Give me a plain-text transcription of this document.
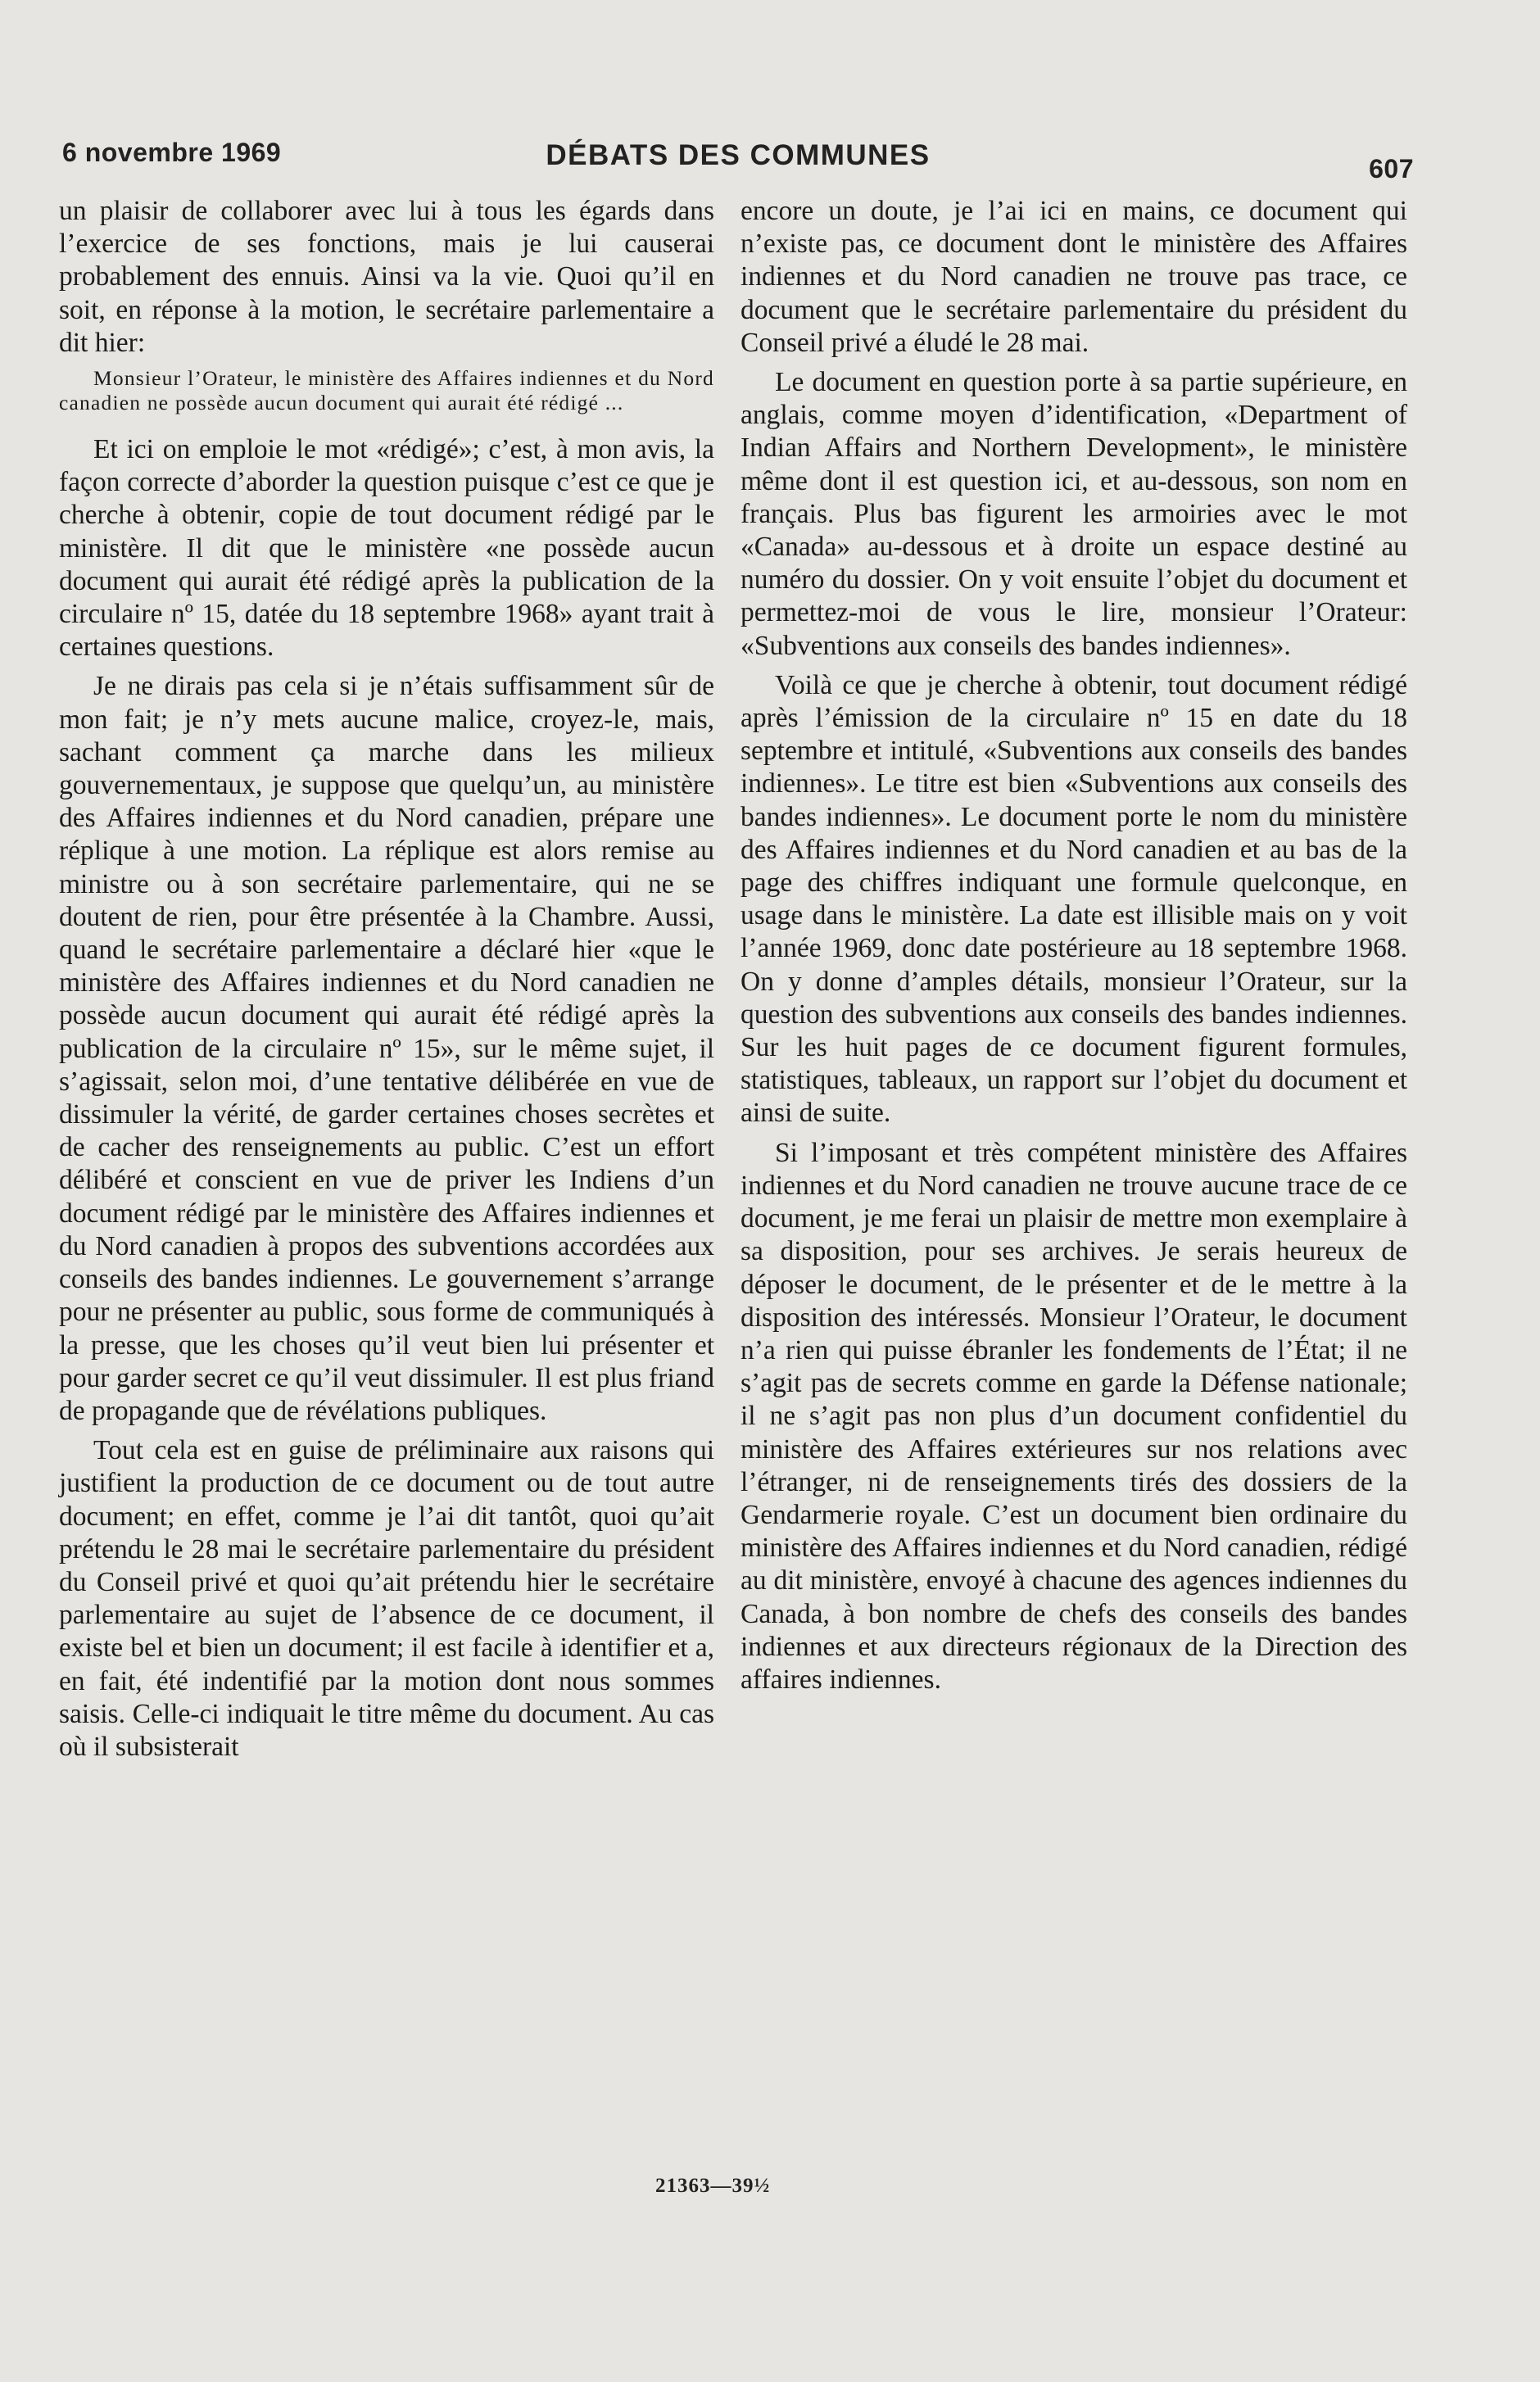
6 novembre 1969	DÉBATS DES COMMUNES	607

un plaisir de collaborer avec lui à tous les égards dans l’exercice de ses fonctions, mais je lui causerai probablement des ennuis. Ainsi va la vie. Quoi qu’il en soit, en réponse à la motion, le secrétaire parlementaire a dit hier:

Monsieur l’Orateur, le ministère des Affaires indiennes et du Nord canadien ne possède aucun document qui aurait été rédigé ...

Et ici on emploie le mot «rédigé»; c’est, à mon avis, la façon correcte d’aborder la question puisque c’est ce que je cherche à obtenir, copie de tout document rédigé par le ministère. Il dit que le ministère «ne possède aucun document qui aurait été rédigé après la publication de la circulaire nº 15, datée du 18 septembre 1968» ayant trait à certaines questions.

Je ne dirais pas cela si je n’étais suffisamment sûr de mon fait; je n’y mets aucune malice, croyez-le, mais, sachant comment ça marche dans les milieux gouvernementaux, je suppose que quelqu’un, au ministère des Affaires indiennes et du Nord canadien, prépare une réplique à une motion. La réplique est alors remise au ministre ou à son secrétaire parlementaire, qui ne se doutent de rien, pour être présentée à la Chambre. Aussi, quand le secrétaire parlementaire a déclaré hier «que le ministère des Affaires indiennes et du Nord canadien ne possède aucun document qui aurait été rédigé après la publication de la circulaire nº 15», sur le même sujet, il s’agissait, selon moi, d’une tentative délibérée en vue de dissimuler la vérité, de garder certaines choses secrètes et de cacher des renseignements au public. C’est un effort délibéré et conscient en vue de priver les Indiens d’un document rédigé par le ministère des Affaires indiennes et du Nord canadien à propos des subventions accordées aux conseils des bandes indiennes. Le gouvernement s’arrange pour ne présenter au public, sous forme de communiqués à la presse, que les choses qu’il veut bien lui présenter et pour garder secret ce qu’il veut dissimuler. Il est plus friand de propagande que de révélations publiques.

Tout cela est en guise de préliminaire aux raisons qui justifient la production de ce document ou de tout autre document; en effet, comme je l’ai dit tantôt, quoi qu’ait prétendu le 28 mai le secrétaire parlementaire du président du Conseil privé et quoi qu’ait prétendu hier le secrétaire parlementaire au sujet de l’absence de ce document, il existe bel et bien un document; il est facile à identifier et a, en fait, été indentifié par la motion dont nous sommes saisis. Celle-ci indiquait le titre même du document. Au cas où il subsisterait

encore un doute, je l’ai ici en mains, ce document qui n’existe pas, ce document dont le ministère des Affaires indiennes et du Nord canadien ne trouve pas trace, ce document que le secrétaire parlementaire du président du Conseil privé a éludé le 28 mai.

Le document en question porte à sa partie supérieure, en anglais, comme moyen d’identification, «Department of Indian Affairs and Northern Development», le ministère même dont il est question ici, et au-dessous, son nom en français. Plus bas figurent les armoiries avec le mot «Canada» au-dessous et à droite un espace destiné au numéro du dossier. On y voit ensuite l’objet du document et permettez-moi de vous le lire, monsieur l’Orateur: «Subventions aux conseils des bandes indiennes».

Voilà ce que je cherche à obtenir, tout document rédigé après l’émission de la circulaire nº 15 en date du 18 septembre et intitulé, «Subventions aux conseils des bandes indiennes». Le titre est bien «Subventions aux conseils des bandes indiennes». Le document porte le nom du ministère des Affaires indiennes et du Nord canadien et au bas de la page des chiffres indiquant une formule quelconque, en usage dans le ministère. La date est illisible mais on y voit l’année 1969, donc date postérieure au 18 septembre 1968. On y donne d’amples détails, monsieur l’Orateur, sur la question des subventions aux conseils des bandes indiennes. Sur les huit pages de ce document figurent formules, statistiques, tableaux, un rapport sur l’objet du document et ainsi de suite.

Si l’imposant et très compétent ministère des Affaires indiennes et du Nord canadien ne trouve aucune trace de ce document, je me ferai un plaisir de mettre mon exemplaire à sa disposition, pour ses archives. Je serais heureux de déposer le document, de le présenter et de le mettre à la disposition des intéressés. Monsieur l’Orateur, le document n’a rien qui puisse ébranler les fondements de l’État; il ne s’agit pas de secrets comme en garde la Défense nationale; il ne s’agit pas non plus d’un document confidentiel du ministère des Affaires extérieures sur nos relations avec l’étranger, ni de renseignements tirés des dossiers de la Gendarmerie royale. C’est un document bien ordinaire du ministère des Affaires indiennes et du Nord canadien, rédigé au dit ministère, envoyé à chacune des agences indiennes du Canada, à bon nombre de chefs des conseils des bandes indiennes et aux directeurs régionaux de la Direction des affaires indiennes.

21363—39½
